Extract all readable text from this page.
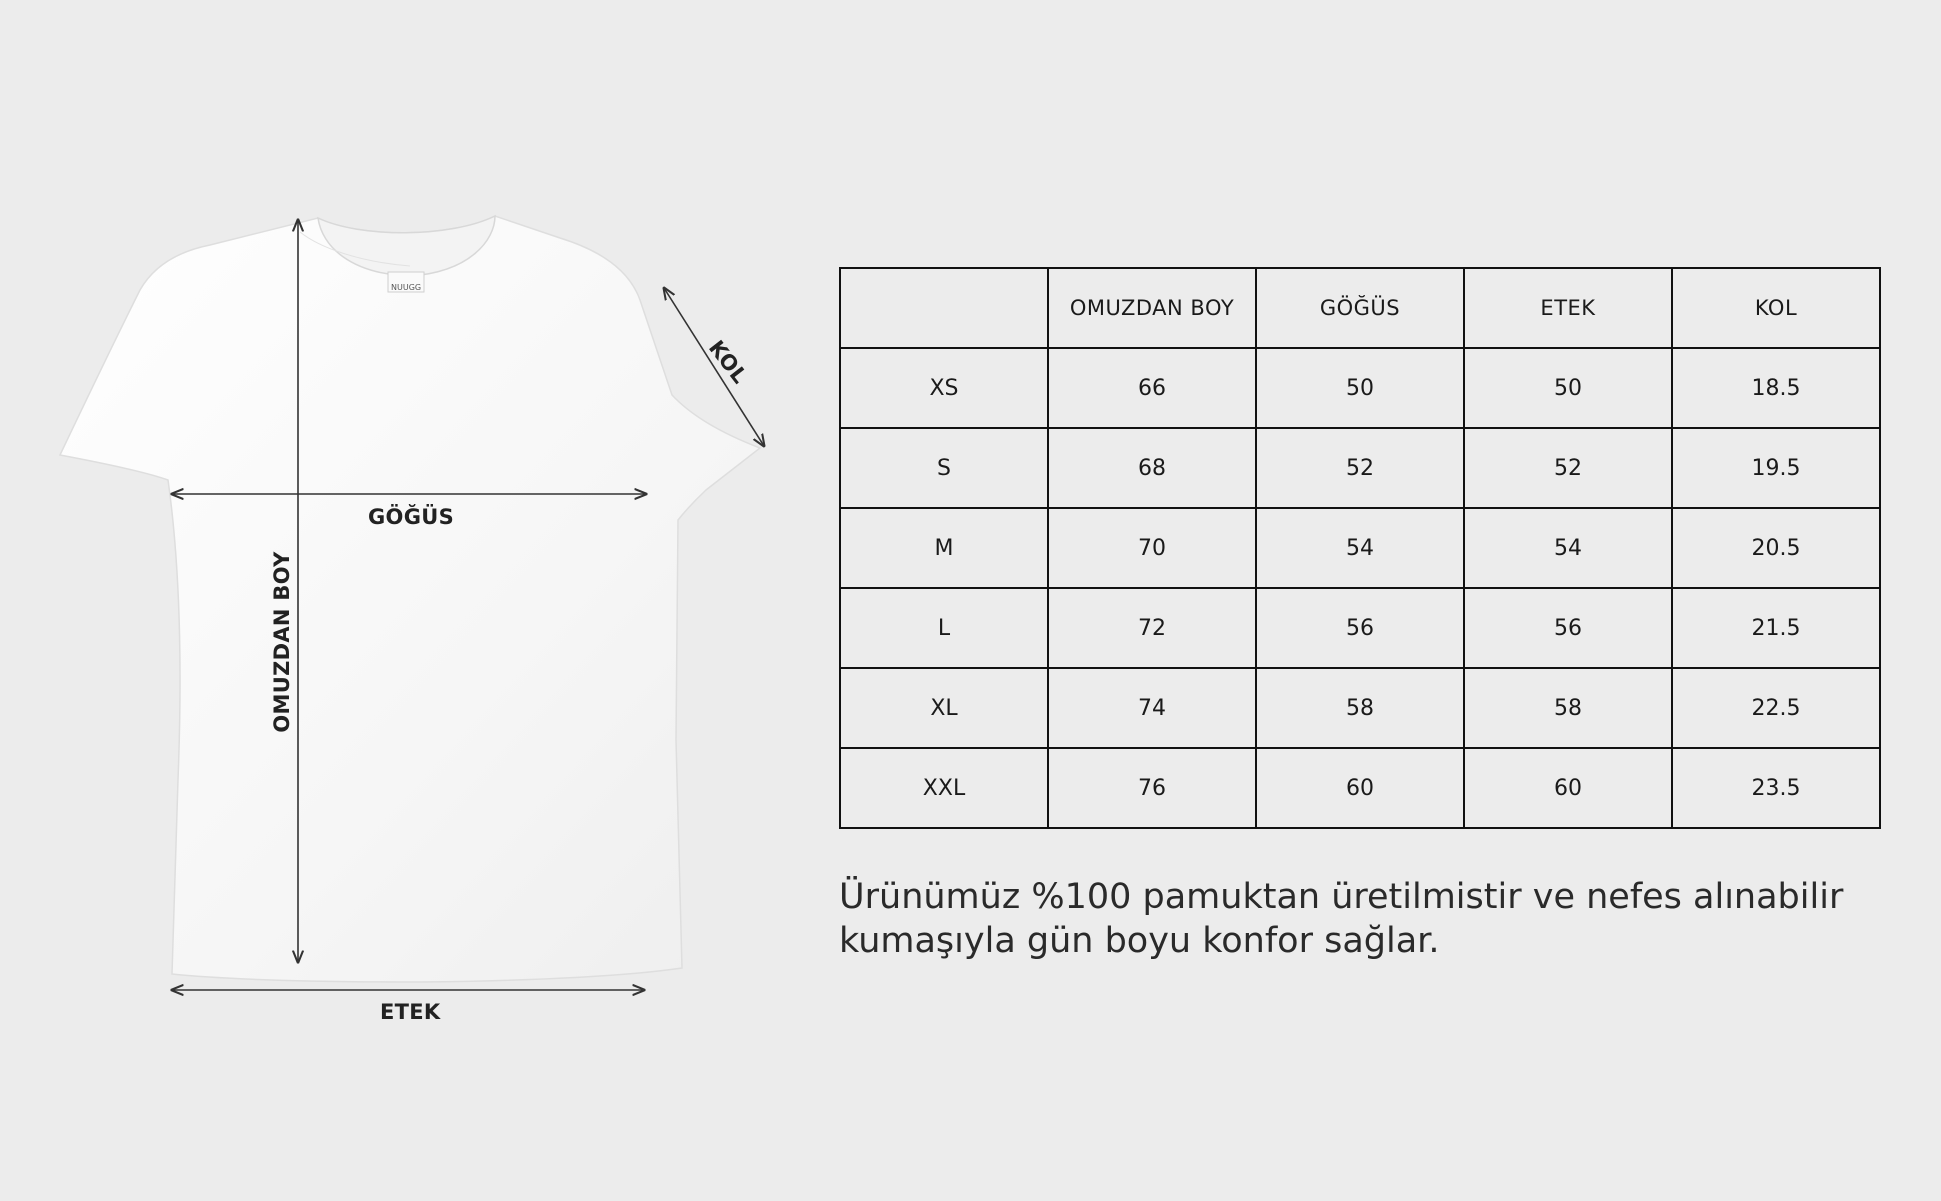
NUUGG
GÖĞÜS
ETEK
OMUZDAN BOY
KOL
	OMUZDAN BOY	GÖĞÜS	ETEK	KOL
XS	66	50	50	18.5
S	68	52	52	19.5
M	70	54	54	20.5
L	72	56	56	21.5
XL	74	58	58	22.5
XXL	76	60	60	23.5

Ürünümüz %100 pamuktan üretilmistir ve nefes alınabilir
kumaşıyla gün boyu konfor sağlar.
